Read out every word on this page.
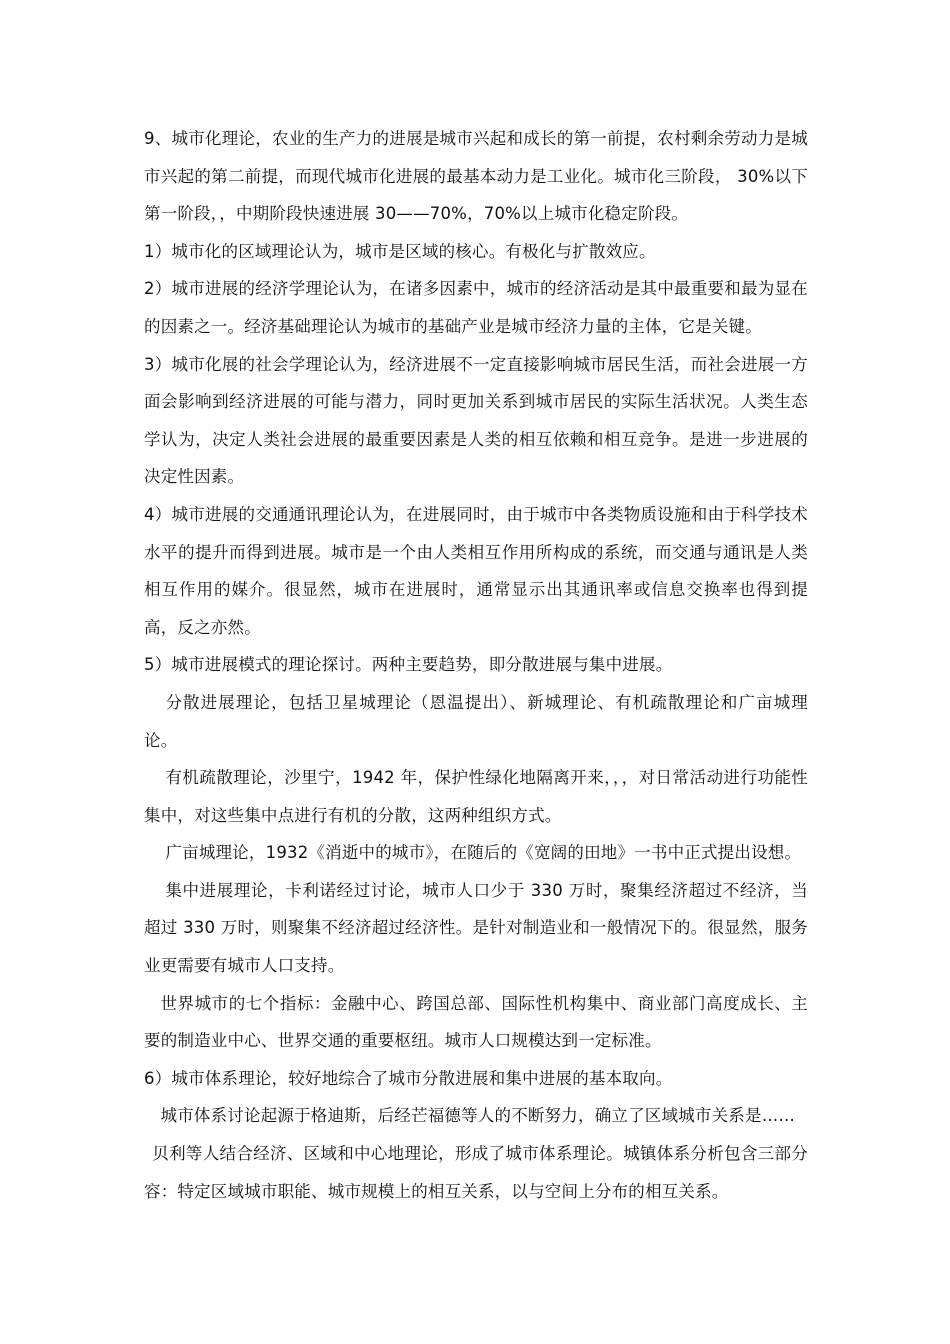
9、城市化理论，农业的生产力的进展是城市兴起和成长的第一前提，农村剩余劳动力是城市兴起的第二前提，而现代城市化进展的最基本动力是工业化。城市化三阶段， 30%以下第一阶段，，中期阶段快速进展 30——70%，70%以上城市化稳定阶段。

1）城市化的区域理论认为，城市是区域的核心。有极化与扩散效应。

2）城市进展的经济学理论认为，在诸多因素中，城市的经济活动是其中最重要和最为显在的因素之一。经济基础理论认为城市的基础产业是城市经济力量的主体，它是关键。

3）城市化展的社会学理论认为，经济进展不一定直接影响城市居民生活，而社会进展一方面会影响到经济进展的可能与潜力，同时更加关系到城市居民的实际生活状况。人类生态学认为，决定人类社会进展的最重要因素是人类的相互依赖和相互竞争。是进一步进展的决定性因素。

4）城市进展的交通通讯理论认为，在进展同时，由于城市中各类物质设施和由于科学技术水平的提升而得到进展。城市是一个由人类相互作用所构成的系统，而交通与通讯是人类相互作用的媒介。很显然，城市在进展时，通常显示出其通讯率或信息交换率也得到提高，反之亦然。

5）城市进展模式的理论探讨。两种主要趋势，即分散进展与集中进展。

分散进展理论，包括卫星城理论（恩温提出）、新城理论、有机疏散理论和广亩城理论。

有机疏散理论，沙里宁，1942 年，保护性绿化地隔离开来，，，对日常活动进行功能性集中，对这些集中点进行有机的分散，这两种组织方式。

广亩城理论，1932《消逝中的城市》，在随后的《宽阔的田地》一书中正式提出设想。

集中进展理论，卡利诺经过讨论，城市人口少于 330 万时，聚集经济超过不经济，当超过 330 万时，则聚集不经济超过经济性。是针对制造业和一般情况下的。很显然，服务业更需要有城市人口支持。

世界城市的七个指标：金融中心、跨国总部、国际性机构集中、商业部门高度成长、主要的制造业中心、世界交通的重要枢纽。城市人口规模达到一定标准。

6）城市体系理论，较好地综合了城市分散进展和集中进展的基本取向。

城市体系讨论起源于格迪斯，后经芒福德等人的不断努力，确立了区域城市关系是……

贝利等人结合经济、区域和中心地理论，形成了城市体系理论。城镇体系分析包含三部分容：特定区域城市职能、城市规模上的相互关系，以与空间上分布的相互关系。
